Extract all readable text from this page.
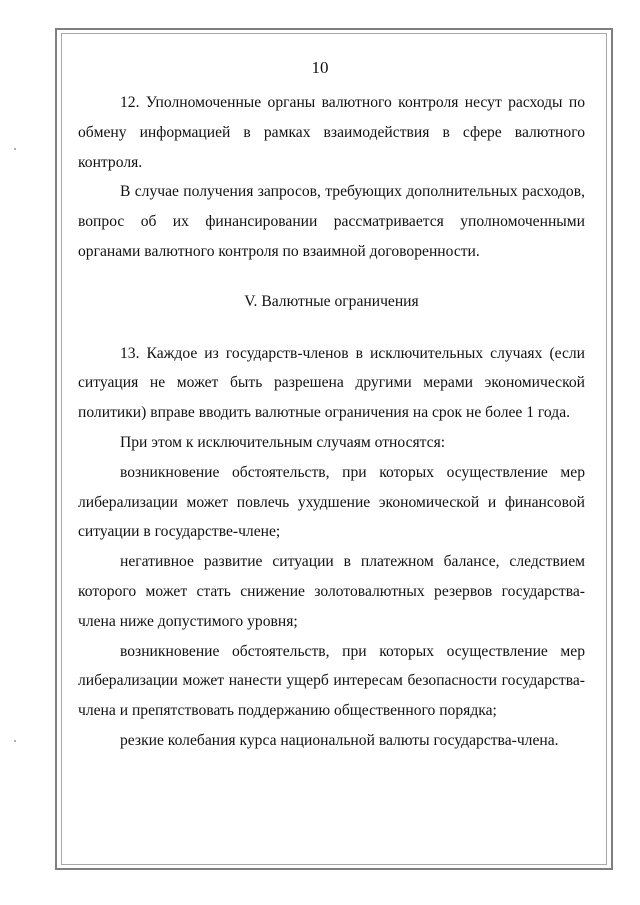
10

12. Уполномоченные органы валютного контроля несут расходы по обмену информацией в рамках взаимодействия в сфере валютного контроля.

В случае получения запросов, требующих дополнительных расходов, вопрос об их финансировании рассматривается уполномоченными органами валютного контроля по взаимной договоренности.

V. Валютные ограничения

13. Каждое из государств-членов в исключительных случаях (если ситуация не может быть разрешена другими мерами экономической политики) вправе вводить валютные ограничения на срок не более 1 года.

При этом к исключительным случаям относятся:

возникновение обстоятельств, при которых осуществление мер либерализации может повлечь ухудшение экономической и финансовой ситуации в государстве-члене;

негативное развитие ситуации в платежном балансе, следствием которого может стать снижение золотовалютных резервов государства-члена ниже допустимого уровня;

возникновение обстоятельств, при которых осуществление мер либерализации может нанести ущерб интересам безопасности государства-члена и препятствовать поддержанию общественного порядка;

резкие колебания курса национальной валюты государства-члена.
